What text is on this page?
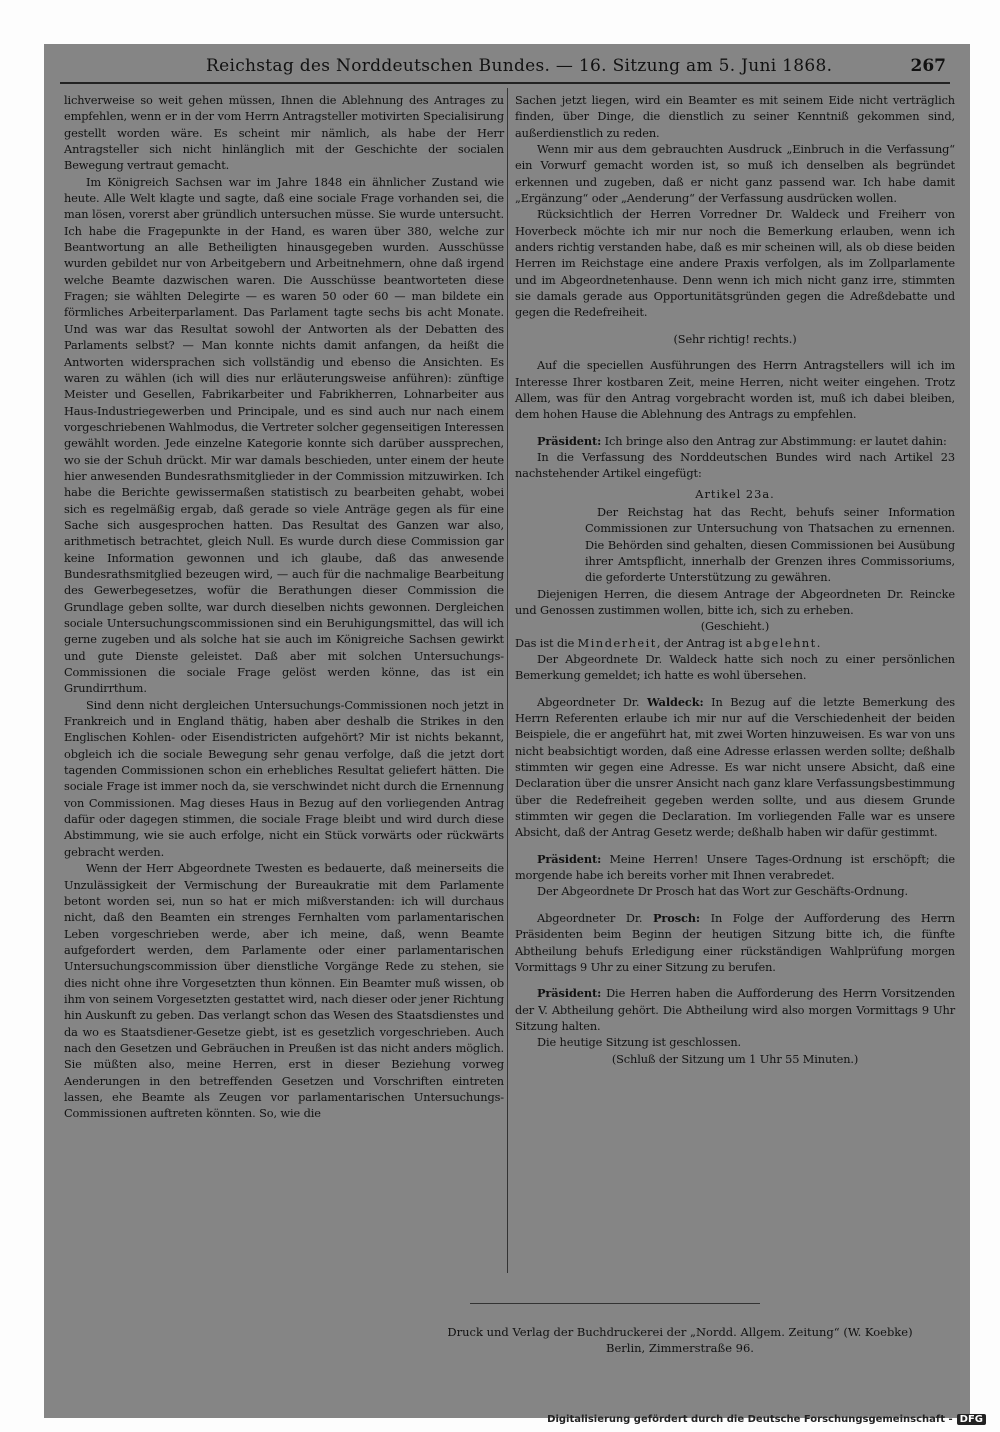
Reichstag des Norddeutschen Bundes. — 16. Sitzung am 5. Juni 1868.	267

lichverweise so weit gehen müssen, Ihnen die Ablehnung des Antrages zu empfehlen, wenn er in der vom Herrn Antragsteller motivirten Specialisirung gestellt worden wäre. Es scheint mir nämlich, als habe der Herr Antragsteller sich nicht hinlänglich mit der Geschichte der socialen Bewegung vertraut gemacht.

Im Königreich Sachsen war im Jahre 1848 ein ähnlicher Zustand wie heute. Alle Welt klagte und sagte, daß eine sociale Frage vorhanden sei, die man lösen, vorerst aber gründlich untersuchen müsse. Sie wurde untersucht. Ich habe die Fragepunkte in der Hand, es waren über 380, welche zur Beantwortung an alle Betheiligten hinausgegeben wurden. Ausschüsse wurden gebildet nur von Arbeitgebern und Arbeitnehmern, ohne daß irgend welche Beamte dazwischen waren. Die Ausschüsse beantworteten diese Fragen; sie wählten Delegirte — es waren 50 oder 60 — man bildete ein förmliches Arbeiterparlament. Das Parlament tagte sechs bis acht Monate. Und was war das Resultat sowohl der Antworten als der Debatten des Parlaments selbst? — Man konnte nichts damit anfangen, da heißt die Antworten widersprachen sich vollständig und ebenso die Ansichten. Es waren zu wählen (ich will dies nur erläuterungsweise anführen): zünftige Meister und Gesellen, Fabrikarbeiter und Fabrikherren, Lohnarbeiter aus Haus-Industriegewerben und Principale, und es sind auch nur nach einem vorgeschriebenen Wahlmodus, die Vertreter solcher gegenseitigen Interessen gewählt worden. Jede einzelne Kategorie konnte sich darüber aussprechen, wo sie der Schuh drückt. Mir war damals beschieden, unter einem der heute hier anwesenden Bundesrathsmitglieder in der Commission mitzuwirken. Ich habe die Berichte gewissermaßen statistisch zu bearbeiten gehabt, wobei sich es regelmäßig ergab, daß gerade so viele Anträge gegen als für eine Sache sich ausgesprochen hatten. Das Resultat des Ganzen war also, arithmetisch betrachtet, gleich Null. Es wurde durch diese Commission gar keine Information gewonnen und ich glaube, daß das anwesende Bundesrathsmitglied bezeugen wird, — auch für die nachmalige Bearbeitung des Gewerbegesetzes, wofür die Berathungen dieser Commission die Grundlage geben sollte, war durch dieselben nichts gewonnen. Dergleichen sociale Untersuchungscommissionen sind ein Beruhigungsmittel, das will ich gerne zugeben und als solche hat sie auch im Königreiche Sachsen gewirkt und gute Dienste geleistet. Daß aber mit solchen Untersuchungs-Commissionen die sociale Frage gelöst werden könne, das ist ein Grundirrthum.

Sind denn nicht dergleichen Untersuchungs-Commissionen noch jetzt in Frankreich und in England thätig, haben aber deshalb die Strikes in den Englischen Kohlen- oder Eisendistricten aufgehört? Mir ist nichts bekannt, obgleich ich die sociale Bewegung sehr genau verfolge, daß die jetzt dort tagenden Commissionen schon ein erhebliches Resultat geliefert hätten. Die sociale Frage ist immer noch da, sie verschwindet nicht durch die Ernennung von Commissionen. Mag dieses Haus in Bezug auf den vorliegenden Antrag dafür oder dagegen stimmen, die sociale Frage bleibt und wird durch diese Abstimmung, wie sie auch erfolge, nicht ein Stück vorwärts oder rückwärts gebracht werden.

Wenn der Herr Abgeordnete Twesten es bedauerte, daß meinerseits die Unzulässigkeit der Vermischung der Bureaukratie mit dem Parlamente betont worden sei, nun so hat er mich mißverstanden: ich will durchaus nicht, daß den Beamten ein strenges Fernhalten vom parlamentarischen Leben vorgeschrieben werde, aber ich meine, daß, wenn Beamte aufgefordert werden, dem Parlamente oder einer parlamentarischen Untersuchungscommission über dienstliche Vorgänge Rede zu stehen, sie dies nicht ohne ihre Vorgesetzten thun können. Ein Beamter muß wissen, ob ihm von seinem Vorgesetzten gestattet wird, nach dieser oder jener Richtung hin Auskunft zu geben. Das verlangt schon das Wesen des Staatsdienstes und da wo es Staatsdiener-Gesetze giebt, ist es gesetzlich vorgeschrieben. Auch nach den Gesetzen und Gebräuchen in Preußen ist das nicht anders möglich. Sie müßten also, meine Herren, erst in dieser Beziehung vorweg Aenderungen in den betreffenden Gesetzen und Vorschriften eintreten lassen, ehe Beamte als Zeugen vor parlamentarischen Untersuchungs-Commissionen auftreten könnten. So, wie die

Sachen jetzt liegen, wird ein Beamter es mit seinem Eide nicht verträglich finden, über Dinge, die dienstlich zu seiner Kenntniß gekommen sind, außerdienstlich zu reden.

Wenn mir aus dem gebrauchten Ausdruck „Einbruch in die Verfassung“ ein Vorwurf gemacht worden ist, so muß ich denselben als begründet erkennen und zugeben, daß er nicht ganz passend war. Ich habe damit „Ergänzung“ oder „Aenderung“ der Verfassung ausdrücken wollen.

Rücksichtlich der Herren Vorredner Dr. Waldeck und Freiherr von Hoverbeck möchte ich mir nur noch die Bemerkung erlauben, wenn ich anders richtig verstanden habe, daß es mir scheinen will, als ob diese beiden Herren im Reichstage eine andere Praxis verfolgen, als im Zollparlamente und im Abgeordnetenhause. Denn wenn ich mich nicht ganz irre, stimmten sie damals gerade aus Opportunitätsgründen gegen die Adreßdebatte und gegen die Redefreiheit.

(Sehr richtig! rechts.)

Auf die speciellen Ausführungen des Herrn Antragstellers will ich im Interesse Ihrer kostbaren Zeit, meine Herren, nicht weiter eingehen. Trotz Allem, was für den Antrag vorgebracht worden ist, muß ich dabei bleiben, dem hohen Hause die Ablehnung des Antrags zu empfehlen.

Präsident: Ich bringe also den Antrag zur Abstimmung: er lautet dahin:

In die Verfassung des Norddeutschen Bundes wird nach Artikel 23 nachstehender Artikel eingefügt:

Artikel 23a.

Der Reichstag hat das Recht, behufs seiner Information Commissionen zur Untersuchung von Thatsachen zu ernennen. Die Behörden sind gehalten, diesen Commissionen bei Ausübung ihrer Amtspflicht, innerhalb der Grenzen ihres Commissoriums, die geforderte Unterstützung zu gewähren.

Diejenigen Herren, die diesem Antrage der Abgeordneten Dr. Reincke und Genossen zustimmen wollen, bitte ich, sich zu erheben.

(Geschieht.)

Das ist die Minderheit, der Antrag ist abgelehnt.

Der Abgeordnete Dr. Waldeck hatte sich noch zu einer persönlichen Bemerkung gemeldet; ich hatte es wohl übersehen.

Abgeordneter Dr. Waldeck: In Bezug auf die letzte Bemerkung des Herrn Referenten erlaube ich mir nur auf die Verschiedenheit der beiden Beispiele, die er angeführt hat, mit zwei Worten hinzuweisen. Es war von uns nicht beabsichtigt worden, daß eine Adresse erlassen werden sollte; deßhalb stimmten wir gegen eine Adresse. Es war nicht unsere Absicht, daß eine Declaration über die unsrer Ansicht nach ganz klare Verfassungsbestimmung über die Redefreiheit gegeben werden sollte, und aus diesem Grunde stimmten wir gegen die Declaration. Im vorliegenden Falle war es unsere Absicht, daß der Antrag Gesetz werde; deßhalb haben wir dafür gestimmt.

Präsident: Meine Herren! Unsere Tages-Ordnung ist erschöpft; die morgende habe ich bereits vorher mit Ihnen verabredet.

Der Abgeordnete Dr Prosch hat das Wort zur Geschäfts-Ordnung.

Abgeordneter Dr. Prosch: In Folge der Aufforderung des Herrn Präsidenten beim Beginn der heutigen Sitzung bitte ich, die fünfte Abtheilung behufs Erledigung einer rückständigen Wahlprüfung morgen Vormittags 9 Uhr zu einer Sitzung zu berufen.

Präsident: Die Herren haben die Aufforderung des Herrn Vorsitzenden der V. Abtheilung gehört. Die Abtheilung wird also morgen Vormittags 9 Uhr Sitzung halten.

Die heutige Sitzung ist geschlossen.

(Schluß der Sitzung um 1 Uhr 55 Minuten.)

Druck und Verlag der Buchdruckerei der „Nordd. Allgem. Zeitung“ (W. Koebke)
Berlin, Zimmerstraße 96.
Digitalisierung gefördert durch die Deutsche Forschungsgemeinschaft - DFG
